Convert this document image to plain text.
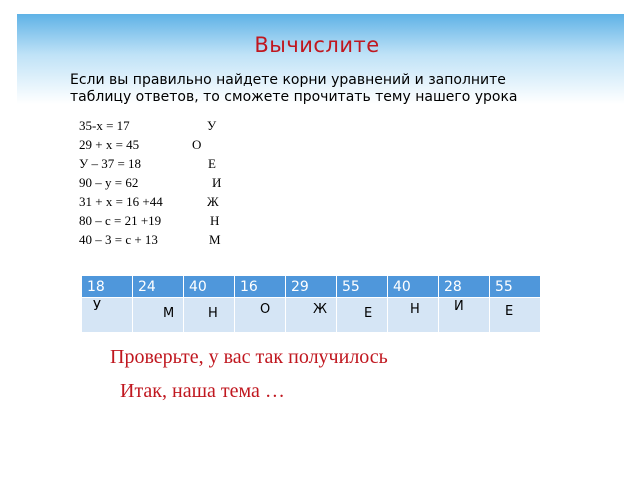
Вычислите

Если вы правильно найдете корни уравнений и заполните таблицу ответов, то сможете прочитать тему нашего урока

35-х = 17	У
29 + х = 45	О
У – 37 = 18	Е
90 – у = 62	И
31 + х = 16 +44	Ж
80 – с = 21 +19	Н
40 – 3 = с + 13	М
18	24	40	16	29	55	40	28	55

У	М	Н	О	Ж	Е	Н	И	Е
Проверьте, у вас так получилось
Итак, наша тема …
